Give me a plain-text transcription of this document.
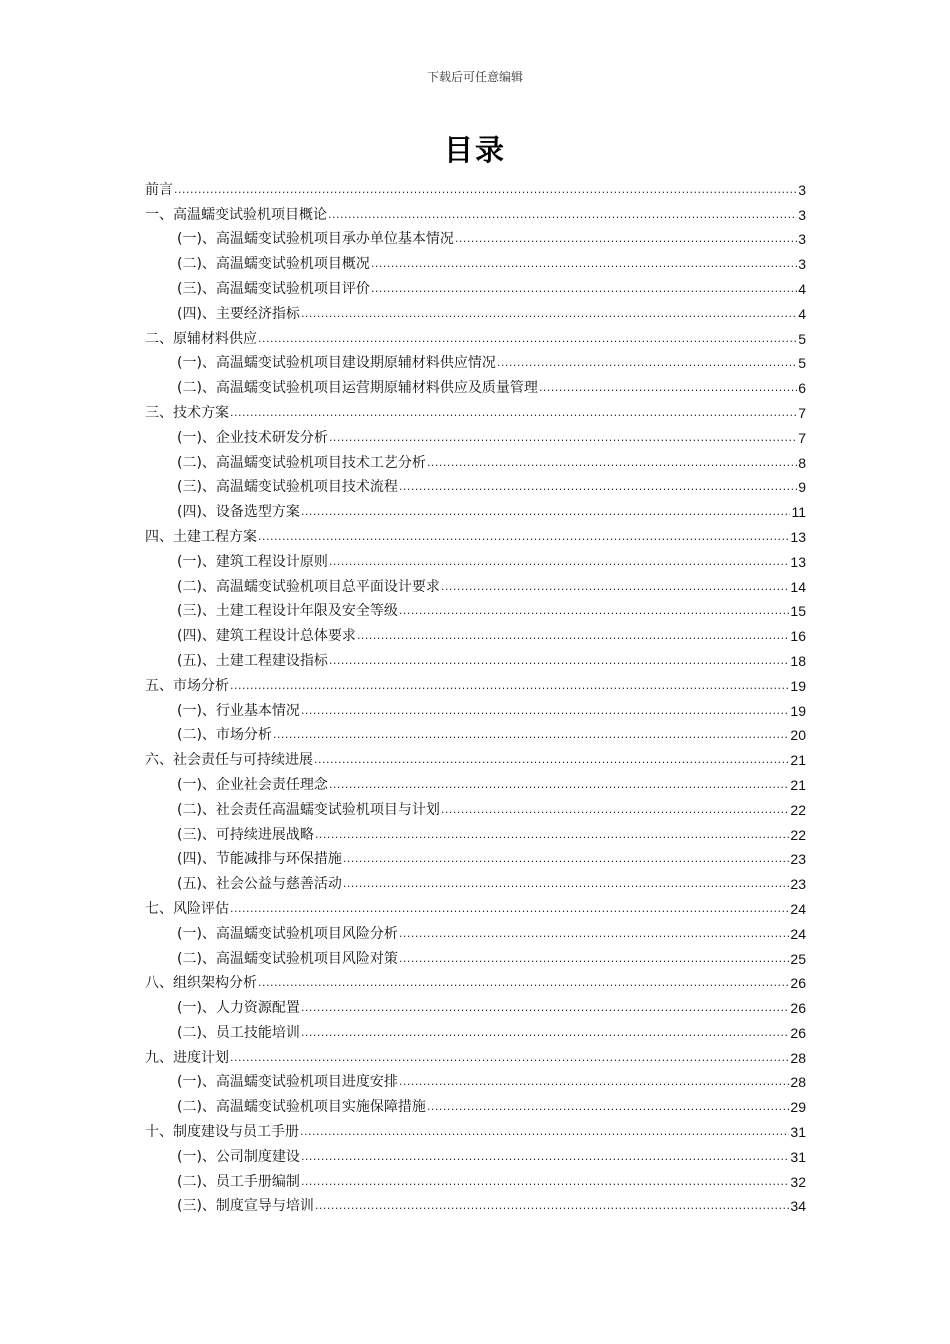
下载后可任意编辑
目录
前言 .....	3
一、高温蠕变试验机项目概论 .....	3
(一)、高温蠕变试验机项目承办单位基本情况 .....	3
(二)、高温蠕变试验机项目概况 .....	3
(三)、高温蠕变试验机项目评价 .....	4
(四)、主要经济指标 .....	4
二、原辅材料供应 .....	5
(一)、高温蠕变试验机项目建设期原辅材料供应情况 .....	5
(二)、高温蠕变试验机项目运营期原辅材料供应及质量管理 .....	6
三、技术方案 .....	7
(一)、企业技术研发分析 .....	7
(二)、高温蠕变试验机项目技术工艺分析 .....	8
(三)、高温蠕变试验机项目技术流程 .....	9
(四)、设备选型方案 .....	11
四、土建工程方案 .....	13
(一)、建筑工程设计原则 .....	13
(二)、高温蠕变试验机项目总平面设计要求 .....	14
(三)、土建工程设计年限及安全等级 .....	15
(四)、建筑工程设计总体要求 .....	16
(五)、土建工程建设指标 .....	18
五、市场分析 .....	19
(一)、行业基本情况 .....	19
(二)、市场分析 .....	20
六、社会责任与可持续进展 .....	21
(一)、企业社会责任理念 .....	21
(二)、社会责任高温蠕变试验机项目与计划 .....	22
(三)、可持续进展战略 .....	22
(四)、节能减排与环保措施 .....	23
(五)、社会公益与慈善活动 .....	23
七、风险评估 .....	24
(一)、高温蠕变试验机项目风险分析 .....	24
(二)、高温蠕变试验机项目风险对策 .....	25
八、组织架构分析 .....	26
(一)、人力资源配置 .....	26
(二)、员工技能培训 .....	26
九、进度计划 .....	28
(一)、高温蠕变试验机项目进度安排 .....	28
(二)、高温蠕变试验机项目实施保障措施 .....	29
十、制度建设与员工手册 .....	31
(一)、公司制度建设 .....	31
(二)、员工手册编制 .....	32
(三)、制度宣导与培训 .....	34
